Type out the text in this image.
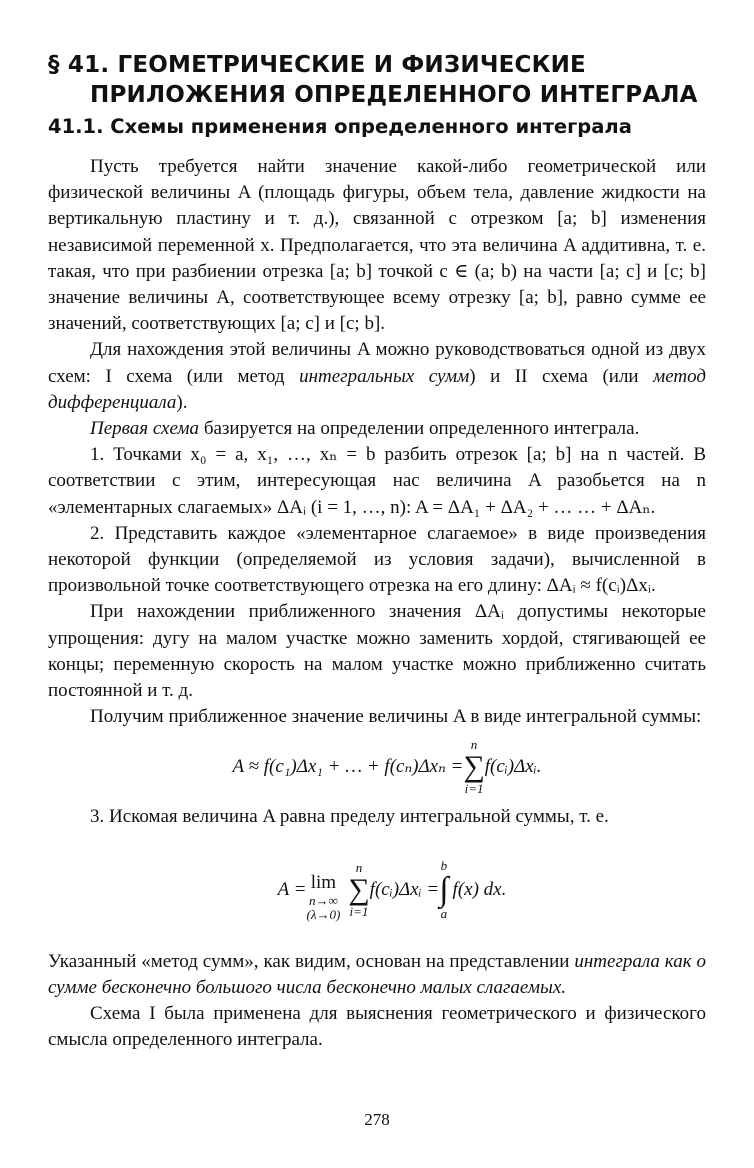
§ 41. ГЕОМЕТРИЧЕСКИЕ И ФИЗИЧЕСКИЕ
ПРИЛОЖЕНИЯ ОПРЕДЕЛЕННОГО ИНТЕГРАЛА
41.1. Схемы применения определенного интеграла

Пусть требуется найти значение какой-либо геометрической или физической величины A (площадь фигуры, объем тела, давление жидкости на вертикальную пластину и т. д.), связанной с отрезком [a; b] изменения независимой переменной x. Предполагается, что эта величина A аддитивна, т. е. такая, что при разбиении отрезка [a; b] точкой c ∈ (a; b) на части [a; c] и [c; b] значение величины A, соответствующее всему отрезку [a; b], равно сумме ее значений, соответствующих [a; c] и [c; b].

Для нахождения этой величины A можно руководствоваться одной из двух схем: I схема (или метод интегральных сумм) и II схема (или метод дифференциала).

Первая схема базируется на определении определенного интеграла.

1. Точками x₀ = a, x₁, …, xₙ = b разбить отрезок [a; b] на n частей. В соответствии с этим, интересующая нас величина A разобьется на n «элементарных слагаемых» ΔAᵢ (i = 1, …, n): A = ΔA₁ + ΔA₂ + … … + ΔAₙ.

2. Представить каждое «элементарное слагаемое» в виде произведения некоторой функции (определяемой из условия задачи), вычисленной в произвольной точке соответствующего отрезка на его длину: ΔAᵢ ≈ f(cᵢ)Δxᵢ.

При нахождении приближенного значения ΔAᵢ допустимы некоторые упрощения: дугу на малом участке можно заменить хордой, стягивающей ее концы; переменную скорость на малом участке можно приближенно считать постоянной и т. д.

Получим приближенное значение величины A в виде интегральной суммы:

A ≈ f(c₁)Δx₁ + … + f(cₙ)Δxₙ =
n
∑
i=1
f(cᵢ)Δxᵢ.

3. Искомая величина A равна пределу интегральной суммы, т. е.

A = lim
n→∞
(λ→0)
n
∑
i=1
f(cᵢ)Δxᵢ =
b
∫
a
f(x) dx.

Указанный «метод сумм», как видим, основан на представлении интеграла как о сумме бесконечно большого числа бесконечно малых слагаемых.

Схема I была применена для выяснения геометрического и физического смысла определенного интеграла.

278
